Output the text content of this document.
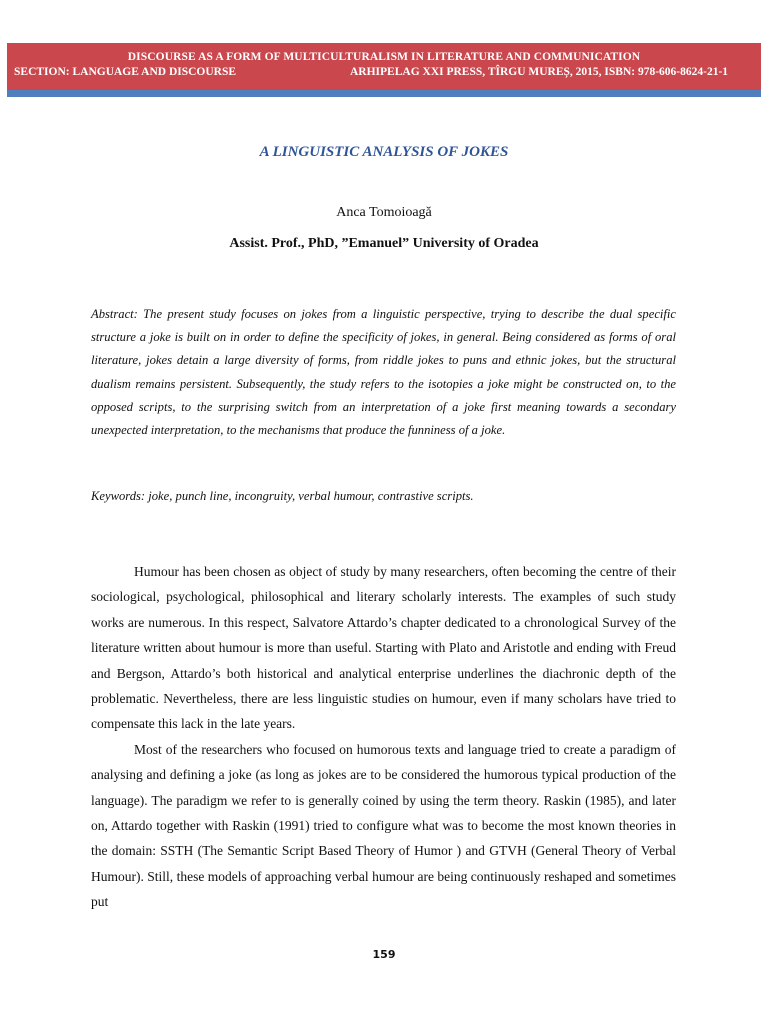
DISCOURSE AS A FORM OF MULTICULTURALISM IN LITERATURE AND COMMUNICATION
SECTION: LANGUAGE AND DISCOURSE	ARHIPELAG XXI PRESS, TÎRGU MUREȘ, 2015, ISBN: 978-606-8624-21-1
A LINGUISTIC ANALYSIS OF JOKES
Anca Tomoioagă
Assist. Prof., PhD, ”Emanuel” University of Oradea
Abstract: The present study focuses on jokes from a linguistic perspective, trying to describe the dual specific structure a joke is built on in order to define the specificity of jokes, in general. Being considered as forms of oral literature, jokes detain a large diversity of forms, from riddle jokes to puns and ethnic jokes, but the structural dualism remains persistent. Subsequently, the study refers to the isotopies a joke might be constructed on, to the opposed scripts, to the surprising switch from an interpretation of a joke first meaning towards a secondary unexpected interpretation, to the mechanisms that produce the funniness of a joke.
Keywords: joke, punch line, incongruity, verbal humour, contrastive scripts.

Humour has been chosen as object of study by many researchers, often becoming the centre of their sociological, psychological, philosophical and literary scholarly interests. The examples of such study works are numerous. In this respect, Salvatore Attardo’s chapter dedicated to a chronological Survey of the literature written about humour is more than useful. Starting with Plato and Aristotle and ending with Freud and Bergson, Attardo’s both historical and analytical enterprise underlines the diachronic depth of the problematic. Nevertheless, there are less linguistic studies on humour, even if many scholars have tried to compensate this lack in the late years.

Most of the researchers who focused on humorous texts and language tried to create a paradigm of analysing and defining a joke (as long as jokes are to be considered the humorous typical production of the language). The paradigm we refer to is generally coined by using the term theory. Raskin (1985), and later on, Attardo together with Raskin (1991) tried to configure what was to become the most known theories in the domain: SSTH (The Semantic Script Based Theory of Humor ) and GTVH (General Theory of Verbal Humour). Still, these models of approaching verbal humour are being continuously reshaped and sometimes put

159
